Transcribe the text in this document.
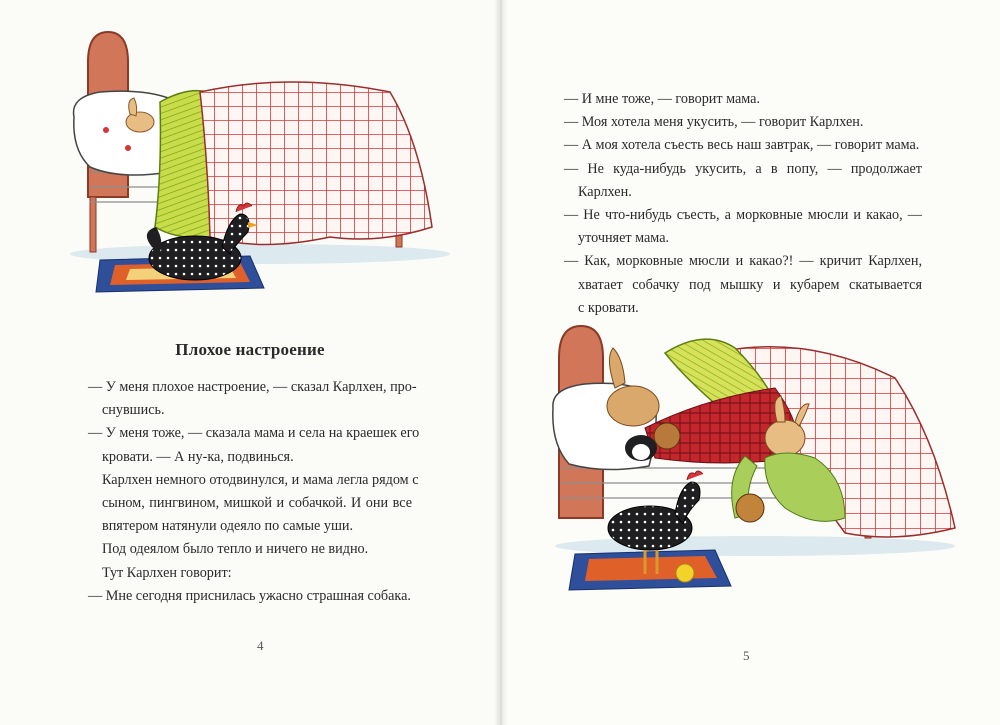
Плохое настроение
— У меня плохое настроение, — сказал Карлхен, про-
снувшись.
— У меня тоже, — сказала мама и села на краешек его
кровати. — А ну-ка, подвинься.
Карлхен немного отодвинулся, и мама легла рядом с
сыном, пингвином, мишкой и собачкой. И они все
впятером натянули одеяло по самые уши.
Под одеялом было тепло и ничего не видно.
Тут Карлхен говорит:
— Мне сегодня приснилась ужасно страшная собака.
4
— И мне тоже, — говорит мама.
— Моя хотела меня укусить, — говорит Карлхен.
— А моя хотела съесть весь наш завтрак, — говорит мама.
— Не куда-нибудь укусить, а в попу, — продолжает
Карлхен.
— Не что-нибудь съесть, а морковные мюсли и какао, —
уточняет мама.
— Как, морковные мюсли и какао?! — кричит Карлхен,
хватает собачку под мышку и кубарем скатывается
с кровати.
5
